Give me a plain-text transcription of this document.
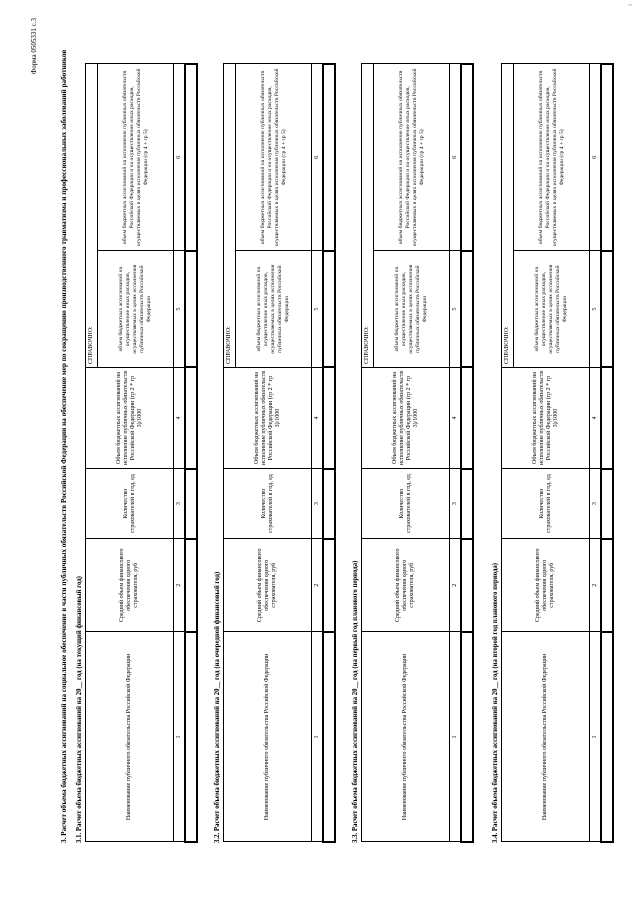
Форма 0505331 с.3
3. Расчет объема бюджетных ассигнований на социальное обеспечение в части публичных обязательств Российской Федерации на обеспечение мер по сокращению производственного травматизма и профессиональных заболеваний работников 3.1. Расчет объема бюджетных ассигнований на 20__ год (на текущий финансовый год)	Наименование публичного обязательства Российской Федерации	Средний объем финансового обеспечения одного страхователя, руб	Количество страхователей в год, ед	Объем бюджетных ассигнований на исполнение публичных обязательств Российской Федерации (гр 2 * гр 3)/1000	СПРАВОЧНО:	
				объем бюджетных ассигнований на осуществление иных расходов, осуществляемых в целях исполнения публичных обязательств Российской Федерации	объем бюджетных ассигнований на исполнение публичных обязательств Российской Федерации и на осуществление иных расходов, осуществляемых в целях исполнения публичных обязательств Российской Федерации (гр 4 + гр 5)
1	2	3	4	5	6

3.2. Расчет объема бюджетных ассигнований на 20__ год (на очередной финансовый год)	Наименование публичного обязательства Российской Федерации	Средний объем финансового обеспечения одного страхователя, руб	Количество страхователей в год, ед	Объем бюджетных ассигнований на исполнение публичных обязательств Российской Федерации (гр 2 * гр 3)/1000	СПРАВОЧНО:	
				объем бюджетных ассигнований на осуществление иных расходов, осуществляемых в целях исполнения публичных обязательств Российской Федерации	объем бюджетных ассигнований на исполнение публичных обязательств Российской Федерации и на осуществление иных расходов, осуществляемых в целях исполнения публичных обязательств Российской Федерации (гр 4 + гр 5)
1	2	3	4	5	6

3.3. Расчет объема бюджетных ассигнований на 20__ год (на первый год планового периода)	Наименование публичного обязательства Российской Федерации	Средний объем финансового обеспечения одного страхователя, руб	Количество страхователей в год, ед	Объем бюджетных ассигнований на исполнение публичных обязательств Российской Федерации (гр 2 * гр 3)/1000	СПРАВОЧНО:	
				объем бюджетных ассигнований на осуществление иных расходов, осуществляемых в целях исполнения публичных обязательств Российской Федерации	объем бюджетных ассигнований на исполнение публичных обязательств Российской Федерации и на осуществление иных расходов, осуществляемых в целях исполнения публичных обязательств Российской Федерации (гр 4 + гр 5)
1	2	3	4	5	6

3.4. Расчет объема бюджетных ассигнований на 20__ год (на второй год планового периода)	Наименование публичного обязательства Российской Федерации	Средний объем финансового обеспечения одного страхователя, руб	Количество страхователей в год, ед	Объем бюджетных ассигнований на исполнение публичных обязательств Российской Федерации (гр 2 * гр 3)/1000	СПРАВОЧНО:	
				объем бюджетных ассигнований на осуществление иных расходов, осуществляемых в целях исполнения публичных обязательств Российской Федерации	объем бюджетных ассигнований на исполнение публичных обязательств Российской Федерации и на осуществление иных расходов, осуществляемых в целях исполнения публичных обязательств Российской Федерации (гр 4 + гр 5)
1	2	3	4	5	6

t
